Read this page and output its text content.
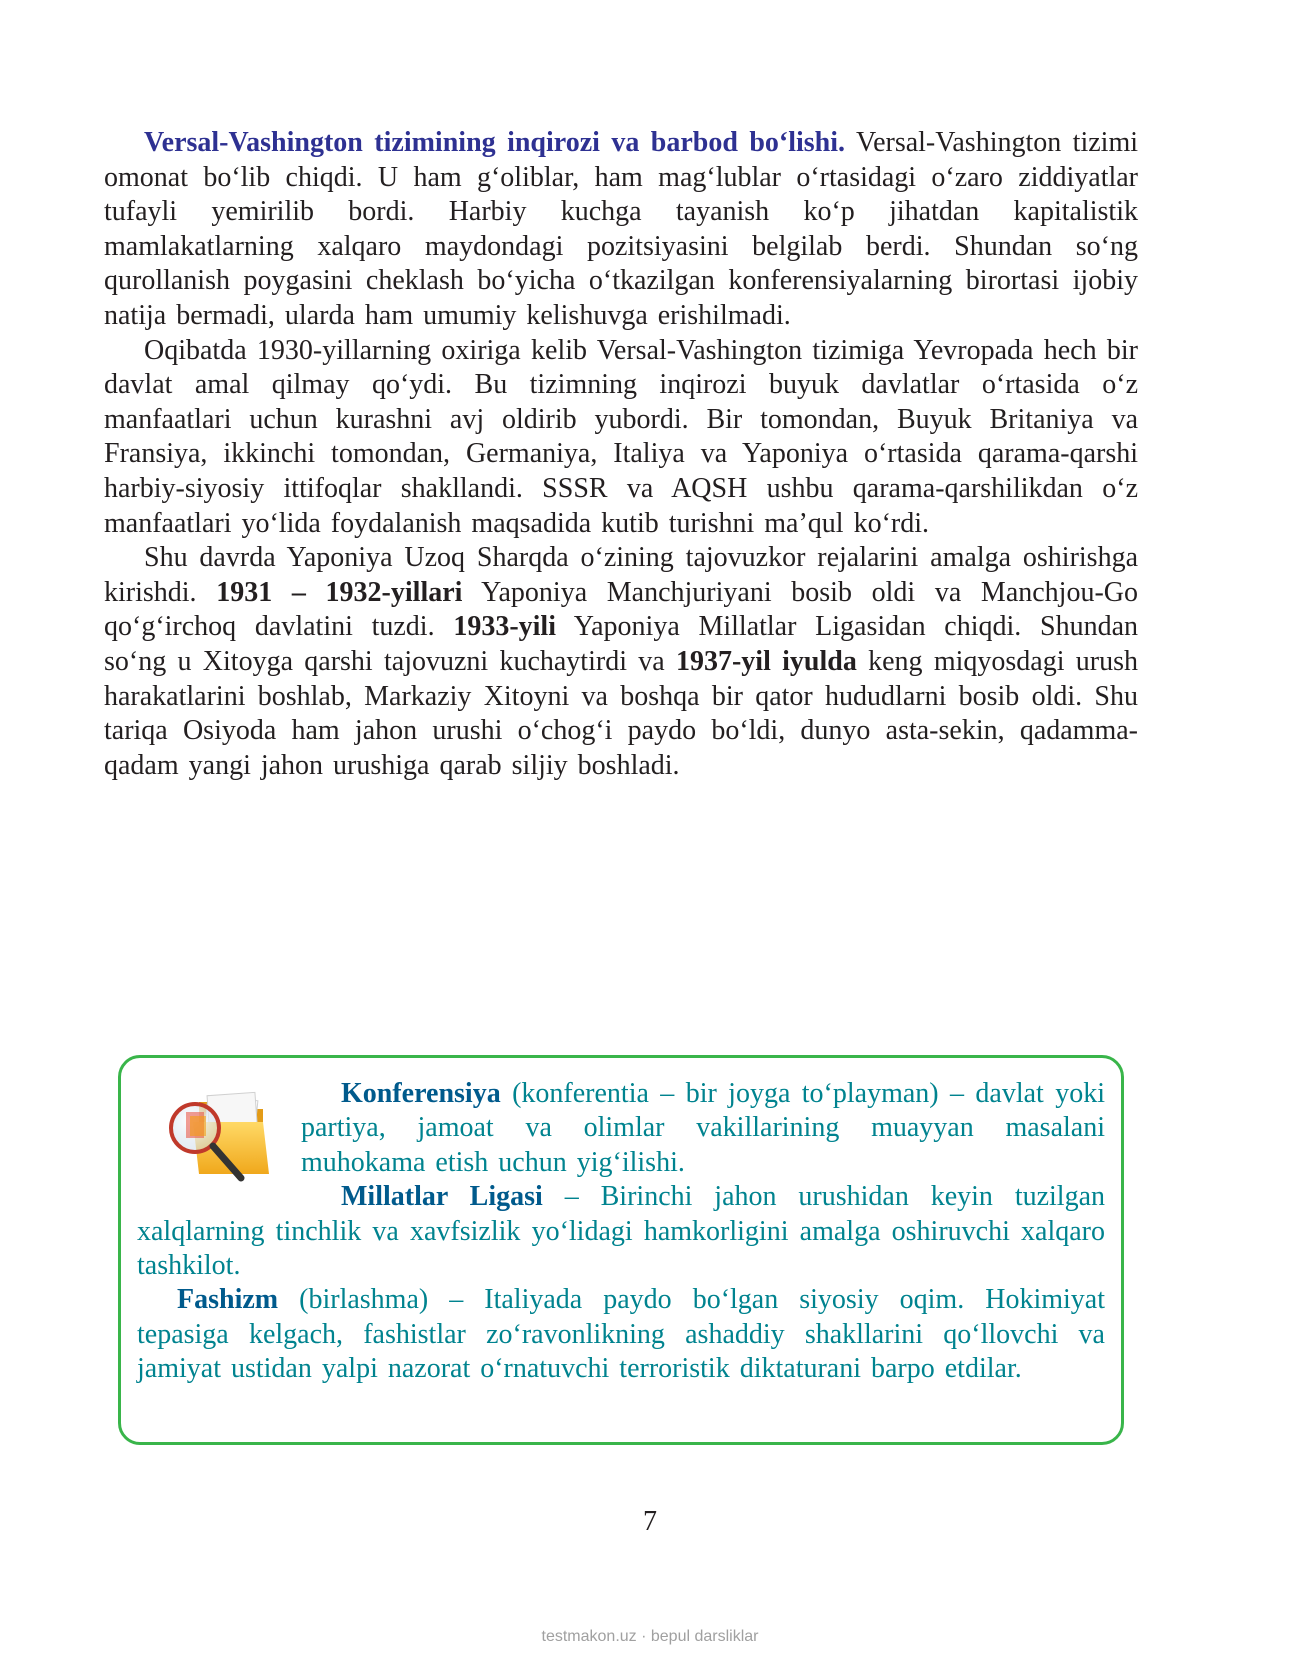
Versal-Vashington tizimining inqirozi va barbod bo‘lishi. Versal-Vashington tizimi omonat bo‘lib chiqdi. U ham g‘oliblar, ham mag‘lublar o‘rtasidagi o‘zaro ziddiyatlar tufayli yemirilib bordi. Harbiy kuchga tayanish ko‘p jihatdan kapitalistik mamlakatlarning xalqaro maydondagi pozitsiyasini belgilab berdi. Shundan so‘ng qurollanish poygasini cheklash bo‘yicha o‘tkazilgan konferensiyalarning birortasi ijobiy natija bermadi, ularda ham umumiy kelishuvga erishilmadi.

Oqibatda 1930-yillarning oxiriga kelib Versal-Vashington tizimiga Yevropada hech bir davlat amal qilmay qo‘ydi. Bu tizimning inqirozi buyuk davlatlar o‘rtasida o‘z manfaatlari uchun kurashni avj oldirib yubordi. Bir tomondan, Buyuk Britaniya va Fransiya, ikkinchi tomondan, Germaniya, Italiya va Yaponiya o‘rtasida qarama-qarshi harbiy-siyosiy ittifoqlar shakllandi. SSSR va AQSH ushbu qarama-qarshilikdan o‘z manfaatlari yo‘lida foydalanish maqsadida kutib turishni ma’qul ko‘rdi.

Shu davrda Yaponiya Uzoq Sharqda o‘zining tajovuzkor rejalarini amalga oshirishga kirishdi. 1931 – 1932-yillari Yaponiya Manchjuriyani bosib oldi va Manchjou-Go qo‘g‘irchoq davlatini tuzdi. 1933-yili Yaponiya Millatlar Ligasidan chiqdi. Shundan so‘ng u Xitoyga qarshi tajovuzni kuchaytirdi va 1937-yil iyulda keng miqyosdagi urush harakatlarini boshlab, Markaziy Xitoyni va boshqa bir qator hududlarni bosib oldi. Shu tariqa Osiyoda ham jahon urushi o‘chog‘i paydo bo‘ldi, dunyo asta-sekin, qadamma-qadam yangi jahon urushiga qarab siljiy boshladi.

Konferensiya (konferentia – bir joyga to‘playman) – davlat yoki partiya, jamoat va olimlar vakillarining muayyan masalani muhokama etish uchun yig‘ilishi.

Millatlar Ligasi – Birinchi jahon urushidan keyin tuzilgan xalqlarning tinchlik va xavfsizlik yo‘lidagi hamkorligini amalga oshiruvchi xalqaro tashkilot.

Fashizm (birlashma) – Italiyada paydo bo‘lgan siyosiy oqim. Hokimiyat tepasiga kelgach, fashistlar zo‘ravonlikning ashaddiy shakllarini qo‘llovchi va jamiyat ustidan yalpi nazorat o‘rnatuvchi terroristik diktaturani barpo etdilar.

7
testmakon.uz · bepul darsliklar
